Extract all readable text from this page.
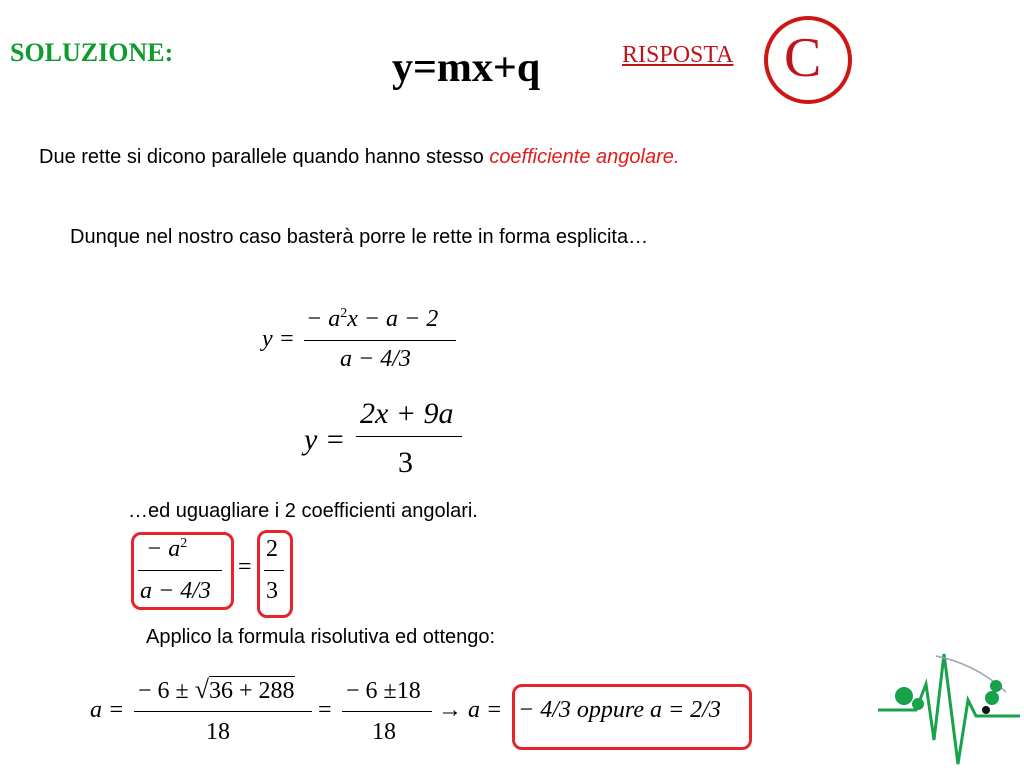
SOLUZIONE:	y=mx+q	RISPOSTA C
Due rette si dicono parallele quando hanno stesso coefficiente angolare.
Dunque nel nostro caso basterà porre le rette in forma esplicita…
y =
− $a^2x - a - 2$
a − 4/3
y =
2x + 9a
3
…ed uguagliare i 2 coefficienti angolari.
− $a^2$
a − 4/3
=
2
3
Applico la formula risolutiva ed ottengo:
a =
− 6 ± √36 + 288
18
=
− 6 ±18
18
→ a = − 4/3 oppure a = 2/3
